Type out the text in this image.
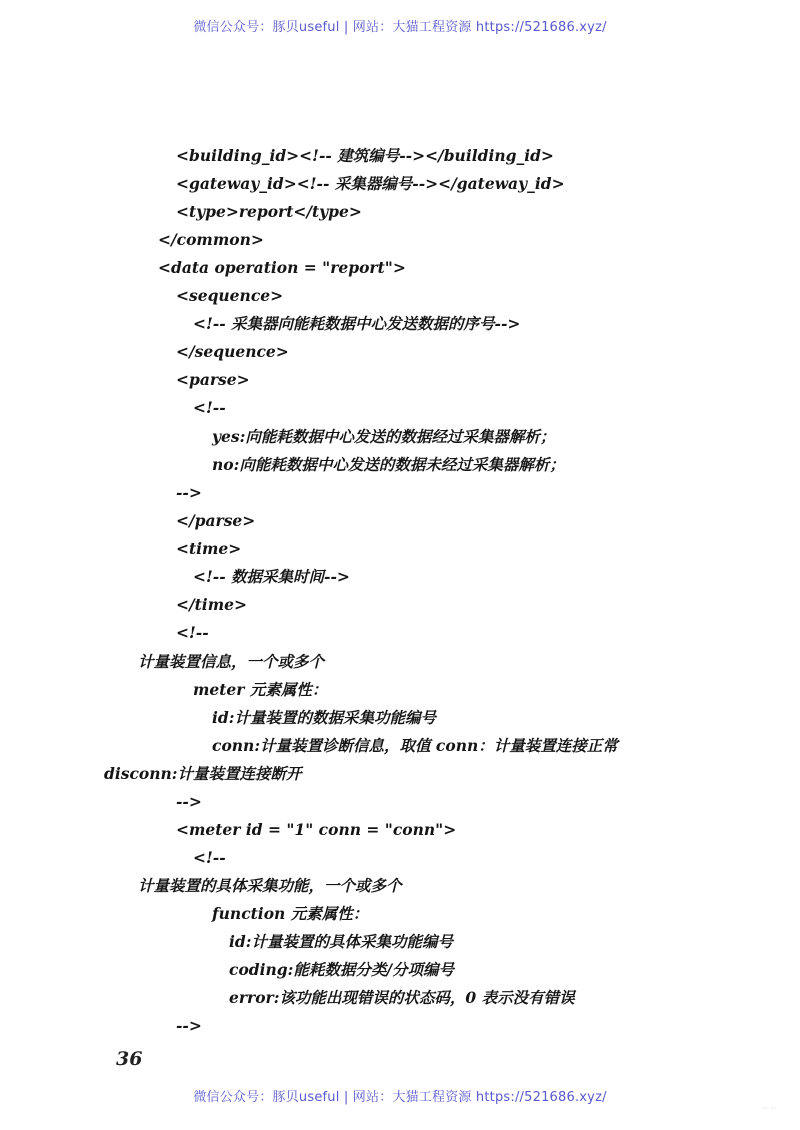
微信公众号：豚贝useful | 网站：大猫工程资源 https://521686.xyz/
<building_id><!-- 建筑编号--></building_id>
<gateway_id><!-- 采集器编号--></gateway_id>
<type>report</type>
</common>
<data operation = "report">
<sequence>
<!-- 采集器向能耗数据中心发送数据的序号-->
</sequence>
<parse>
<!--
yes:向能耗数据中心发送的数据经过采集器解析；
no:向能耗数据中心发送的数据未经过采集器解析；
-->
</parse>
<time>
<!-- 数据采集时间-->
</time>
<!--
计量装置信息，一个或多个
meter 元素属性：
id:计量装置的数据采集功能编号
conn:计量装置诊断信息，取值 conn：计量装置连接正常
disconn:计量装置连接断开
-->
<meter id = "1" conn = "conn">
<!--
计量装置的具体采集功能，一个或多个
function 元素属性：
id:计量装置的具体采集功能编号
coding:能耗数据分类/分项编号
error:该功能出现错误的状态码，0 表示没有错误
-->
36
微信公众号：豚贝useful | 网站：大猫工程资源 https://521686.xyz/
·· ··
